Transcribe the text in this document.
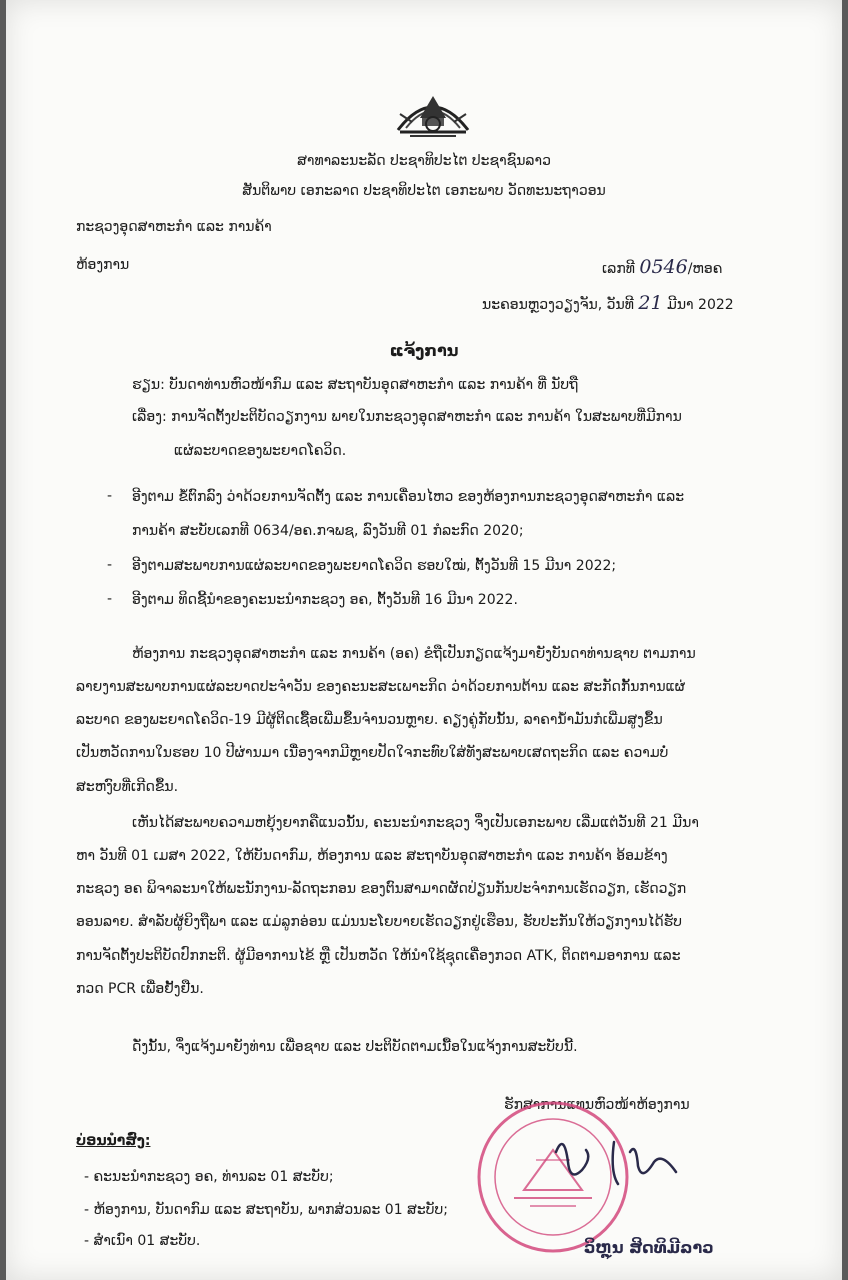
ສາທາລະນະລັດ ປະຊາທິປະໄຕ ປະຊາຊົນລາວ
ສັນຕິພາບ ເອກະລາດ ປະຊາທິປະໄຕ ເອກະພາບ ວັດທະນະຖາວອນ
ກະຊວງອຸດສາຫະກຳ ແລະ ການຄ້າ
ຫ້ອງການ	ເລກທີ 0546/ຫອຄ
ນະຄອນຫຼວງວຽງຈັນ, ວັນທີ 21 ມີນາ 2022
ແຈ້ງການ
ຮຽນ: ບັນດາທ່ານຫົວໜ້າກົມ ແລະ ສະຖາບັນອຸດສາຫະກຳ ແລະ ການຄ້າ ທີ່ ນັບຖື
ເລື່ອງ: ການຈັດຕັ້ງປະຕິບັດວຽກງານ ພາຍໃນກະຊວງອຸດສາຫະກຳ ແລະ ການຄ້າ ໃນສະພາບທີ່ມີການ
ແຜ່ລະບາດຂອງພະຍາດໂຄວິດ.
- ອີງຕາມ ຂໍ້ຕົກລົງ ວ່າດ້ວຍການຈັດຕັ້ງ ແລະ ການເຄື່ອນໄຫວ ຂອງຫ້ອງການກະຊວງອຸດສາຫະກຳ ແລະ
ການຄ້າ ສະບັບເລກທີ 0634/ອຄ.ກຈພຊ, ລົງວັນທີ 01 ກໍລະກົດ 2020;
- ອີງຕາມສະພາບການແຜ່ລະບາດຂອງພະຍາດໂຄວິດ ຮອບໃໝ່, ຕັ້ງວັນທີ 15 ມີນາ 2022;
- ອີງຕາມ ທິດຊີ້ນຳຂອງຄະນະນຳກະຊວງ ອຄ, ຕັ້ງວັນທີ 16 ມີນາ 2022.
ຫ້ອງການ ກະຊວງອຸດສາຫະກຳ ແລະ ການຄ້າ (ອຄ) ຂໍຖືເປັນກຽດແຈ້ງມາຍັງບັນດາທ່ານຊາບ ຕາມການ
ລາຍງານສະພາບການແຜ່ລະບາດປະຈຳວັນ ຂອງຄະນະສະເພາະກິດ ວ່າດ້ວຍການຕ້ານ ແລະ ສະກັດກັ້ນການແຜ່
ລະບາດ ຂອງພະຍາດໂຄວິດ-19 ມີຜູ້ຕິດເຊື້ອເພີ່ມຂຶ້ນຈຳນວນຫຼາຍ. ຄຽງຄູ່ກັບນັ້ນ, ລາຄານ້ຳມັນກໍເພີ່ມສູງຂຶ້ນ
ເປັນຫວັດການໃນຮອບ 10 ປີຜ່ານມາ ເນື່ອງຈາກມີຫຼາຍປັດໃຈກະທົບໃສ່ທັງສະພາບເສດຖະກິດ ແລະ ຄວາມບໍ່
ສະຫງົບທີ່ເກີດຂຶ້ນ.
ເຫັນໄດ້ສະພາບຄວາມຫຍຸ້ງຍາກຄືແນວນັ້ນ, ຄະນະນຳກະຊວງ ຈຶ່ງເປັນເອກະພາບ ເລີ່ມແຕ່ວັນທີ 21 ມີນາ
ຫາ ວັນທີ 01 ເມສາ 2022, ໃຫ້ບັນດາກົມ, ຫ້ອງການ ແລະ ສະຖາບັນອຸດສາຫະກຳ ແລະ ການຄ້າ ອ້ອມຂ້າງ
ກະຊວງ ອຄ ພິຈາລະນາໃຫ້ພະນັກງານ-ລັດຖະກອນ ຂອງຕົນສາມາດຜັດປ່ຽນກັນປະຈຳການເຮັດວຽກ, ເຮັດວຽກ
ອອນລາຍ. ສຳລັບຜູ້ຍິງຖືພາ ແລະ ແມ່ລູກອ່ອນ ແມ່ນນະໂຍບາຍເຮັດວຽກຢູ່ເຮືອນ, ຮັບປະກັນໃຫ້ວຽກງານໄດ້ຮັບ
ການຈັດຕັ້ງປະຕິບັດປົກກະຕິ. ຜູ້ມີອາການໄຂ້ ຫຼື ເປັນຫວັດ ໃຫ້ນຳໃຊ້ຊຸດເຄື່ອງກວດ ATK, ຕິດຕາມອາການ ແລະ
ກວດ PCR ເພື່ອຢັ້ງຢືນ.
ດັ່ງນັ້ນ, ຈຶ່ງແຈ້ງມາຍັງທ່ານ ເພື່ອຊາບ ແລະ ປະຕິບັດຕາມເນື້ອໃນແຈ້ງການສະບັບນີ້.
ຮັກສາການແທນຫົວໜ້າຫ້ອງການ
ວິຫຼຸນ ສິດທິມີລາວ
ບ່ອນນຳສົ່ງ:
- ຄະນະນຳກະຊວງ ອຄ, ທ່ານລະ 01 ສະບັບ;
- ຫ້ອງການ, ບັນດາກົມ ແລະ ສະຖາບັນ, ພາກສ່ວນລະ 01 ສະບັບ;
- ສຳເນົາ 01 ສະບັບ.
